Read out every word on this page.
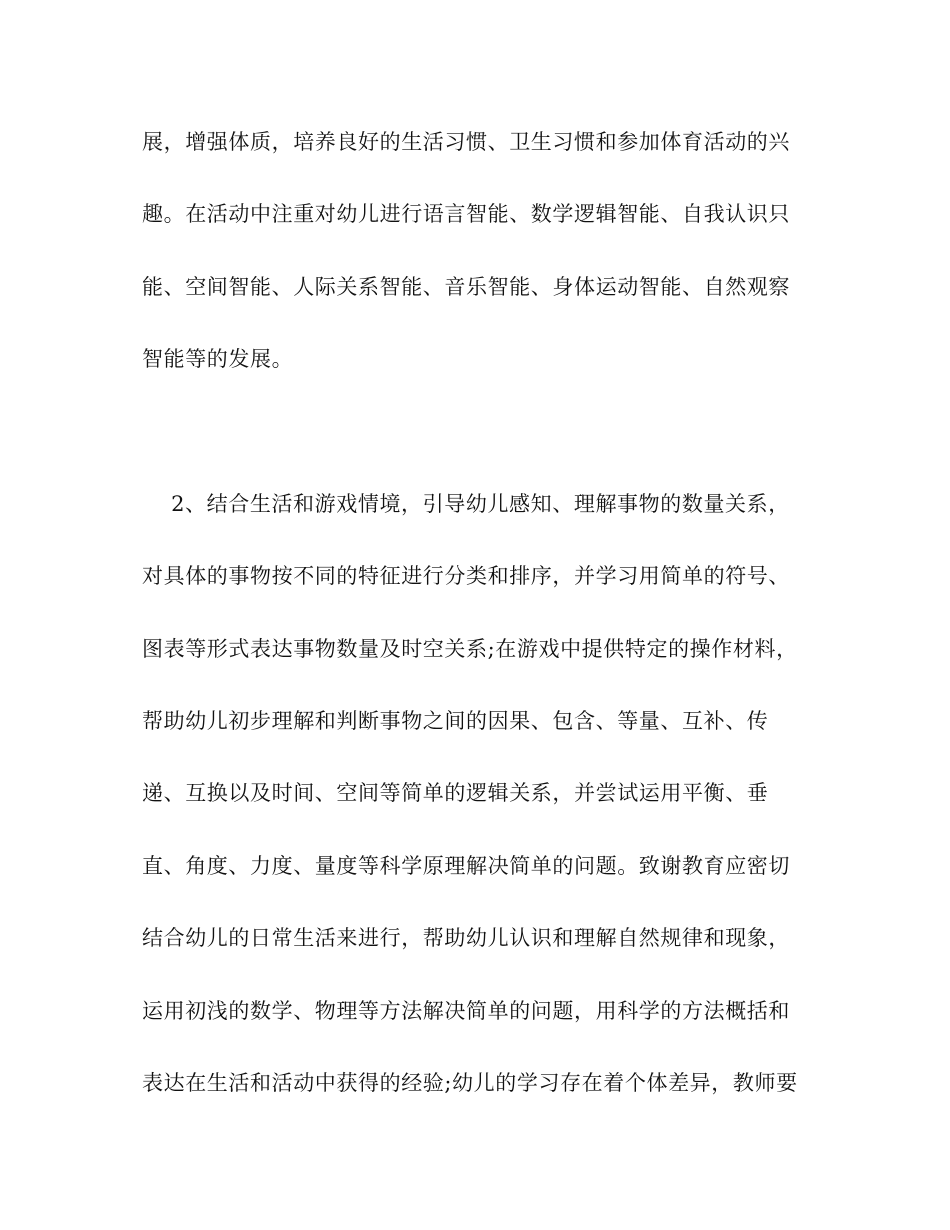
展，增强体质，培养良好的生活习惯、卫生习惯和参加体育活动的兴
趣。在活动中注重对幼儿进行语言智能、数学逻辑智能、自我认识只
能、空间智能、人际关系智能、音乐智能、身体运动智能、自然观察
智能等的发展。
2、结合生活和游戏情境，引导幼儿感知、理解事物的数量关系，
对具体的事物按不同的特征进行分类和排序，并学习用简单的符号、
图表等形式表达事物数量及时空关系;在游戏中提供特定的操作材料，
帮助幼儿初步理解和判断事物之间的因果、包含、等量、互补、传
递、互换以及时间、空间等简单的逻辑关系，并尝试运用平衡、垂
直、角度、力度、量度等科学原理解决简单的问题。致谢教育应密切
结合幼儿的日常生活来进行，帮助幼儿认识和理解自然规律和现象，
运用初浅的数学、物理等方法解决简单的问题，用科学的方法概括和
表达在生活和活动中获得的经验;幼儿的学习存在着个体差异，教师要
